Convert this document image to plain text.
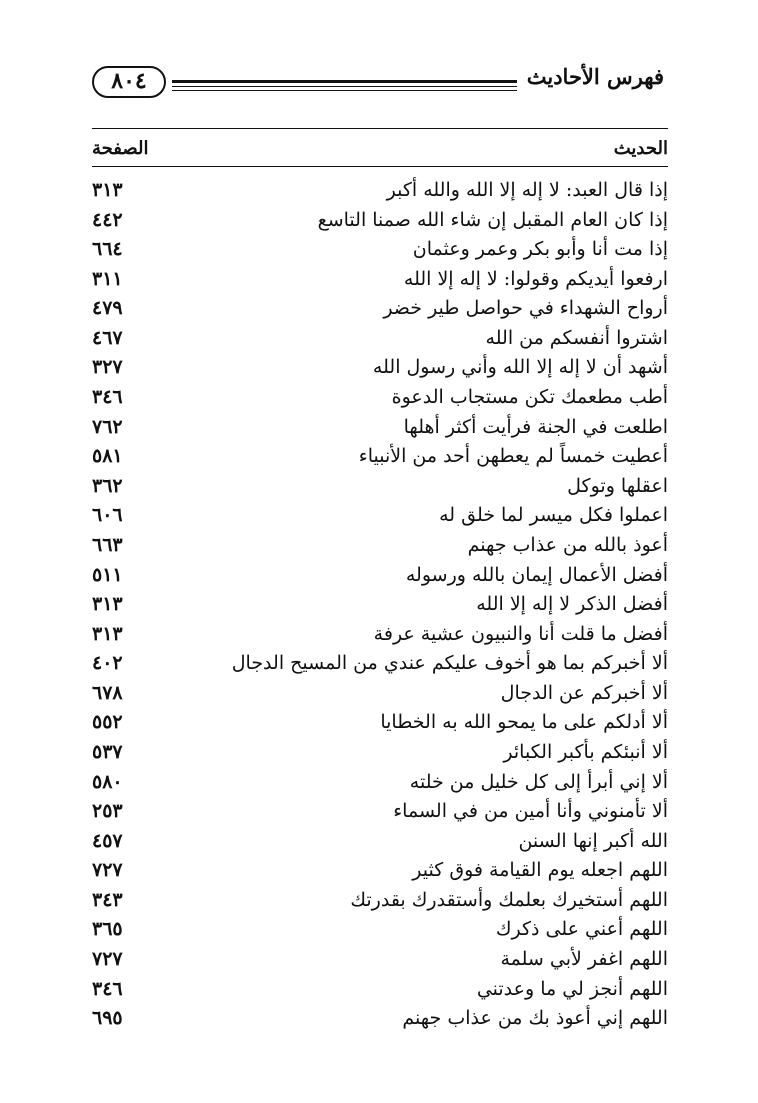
فهرس الأحاديث
٨٠٤
الحديث
الصفحة
إذا قال العبد: لا إله إلا الله والله أكبر
٣١٣
إذا كان العام المقبل إن شاء الله صمنا التاسع
٤٤٢
إذا مت أنا وأبو بكر وعمر وعثمان
٦٦٤
ارفعوا أيديكم وقولوا: لا إله إلا الله
٣١١
أرواح الشهداء في حواصل طير خضر
٤٧٩
اشتروا أنفسكم من الله
٤٦٧
أشهد أن لا إله إلا الله وأني رسول الله
٣٢٧
أطب مطعمك تكن مستجاب الدعوة
٣٤٦
اطلعت في الجنة فرأيت أكثر أهلها
٧٦٢
أعطيت خمساً لم يعطهن أحد من الأنبياء
٥٨١
اعقلها وتوكل
٣٦٢
اعملوا فكل ميسر لما خلق له
٦٠٦
أعوذ بالله من عذاب جهنم
٦٦٣
أفضل الأعمال إيمان بالله ورسوله
٥١١
أفضل الذكر لا إله إلا الله
٣١٣
أفضل ما قلت أنا والنبيون عشية عرفة
٣١٣
ألا أخبركم بما هو أخوف عليكم عندي من المسيح الدجال
٤٠٢
ألا أخبركم عن الدجال
٦٧٨
ألا أدلكم على ما يمحو الله به الخطايا
٥٥٢
ألا أنبئكم بأكبر الكبائر
٥٣٧
ألا إني أبرأ إلى كل خليل من خلته
٥٨٠
ألا تأمنوني وأنا أمين من في السماء
٢٥٣
الله أكبر إنها السنن
٤٥٧
اللهم اجعله يوم القيامة فوق كثير
٧٢٧
اللهم أستخيرك بعلمك وأستقدرك بقدرتك
٣٤٣
اللهم أعني على ذكرك
٣٦٥
اللهم اغفر لأبي سلمة
٧٢٧
اللهم أنجز لي ما وعدتني
٣٤٦
اللهم إني أعوذ بك من عذاب جهنم
٦٩٥
